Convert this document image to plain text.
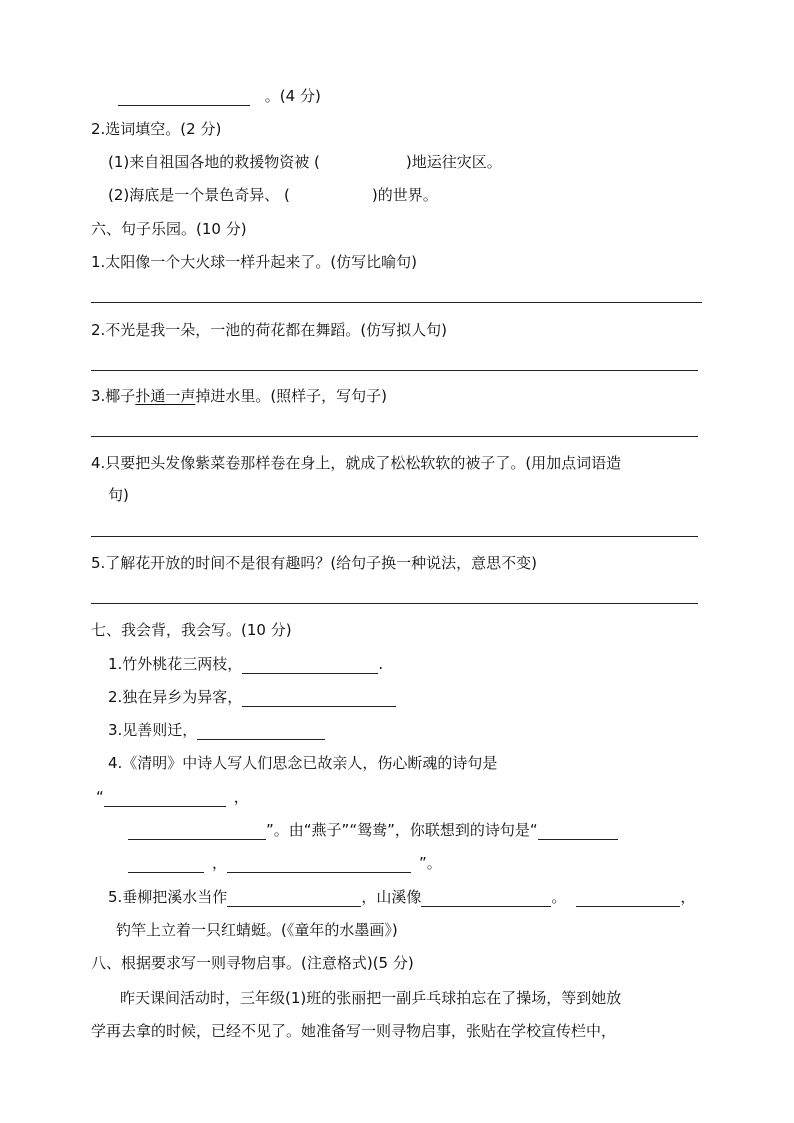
。(4 分)
2.选词填空。(2 分)
(1)来自祖国各地的救援物资被 (	)地运往灾区。
(2)海底是一个景色奇异、 (	)的世界。
六、句子乐园。(10 分)
1.太阳像一个大火球一样升起来了。(仿写比喻句)
2.不光是我一朵，一池的荷花都在舞蹈。(仿写拟人句)
3.椰子扑通一声掉进水里。(照样子，写句子)
4.只要把头发像紫菜卷那样卷在身上，就成了松松软软的被子了。(用加点词语造
句)
5.了解花开放的时间不是很有趣吗？(给句子换一种说法，意思不变)
七、我会背，我会写。(10 分)
1.竹外桃花三两枝，	.
2.独在异乡为异客，
3.见善则迁，
4.《清明》中诗人写人们思念已故亲人，伤心断魂的诗句是
“	，
”。由“燕子”“鸳鸯”，你联想到的诗句是“
，	”。
5.垂柳把溪水当作	，山溪像	。	，
钓竿上立着一只红蜻蜓。(《童年的水墨画》)
八、根据要求写一则寻物启事。(注意格式)(5 分)
昨天课间活动时，三年级(1)班的张丽把一副乒乓球拍忘在了操场，等到她放
学再去拿的时候，已经不见了。她准备写一则寻物启事，张贴在学校宣传栏中，
